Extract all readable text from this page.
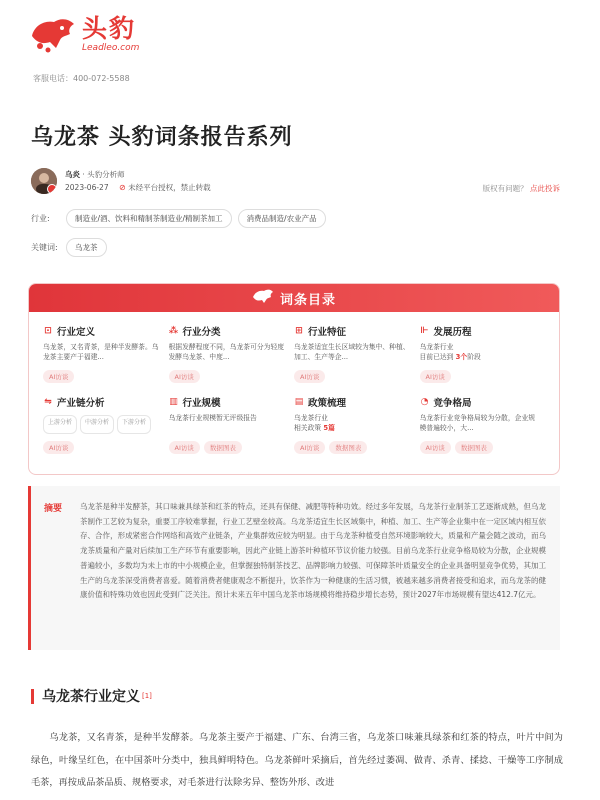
头豹
Leadleo.com
客服电话：400-072-5588
乌龙茶 头豹词条报告系列
乌炎 · 头豹分析师
2023-06-27 ⊘ 未经平台授权，禁止转载	版权有问题？ 点此投诉
行业:	制造业/酒、饮料和精制茶制造业/精制茶加工	消费品制造/农业产品
关键词:	乌龙茶
词条目录
⊡ 行业定义
乌龙茶，又名青茶，是种半发酵茶。乌龙茶主要产于福建...
AI访谈
⁂ 行业分类
根据发酵程度不同，乌龙茶可分为轻度发酵乌龙茶、中度...
AI访谈
⊞ 行业特征
乌龙茶适宜生长区域较为集中、种植、加工、生产等企...
AI访谈
⊩ 发展历程
乌龙茶行业
目前已达到 3个阶段
AI访谈
⇋ 产业链分析
上游分析	中游分析	下游分析
AI访谈
▥ 行业规模
乌龙茶行业规模暂无评级报告
AI访谈 数据图表
▤ 政策梳理
乌龙茶行业
相关政策 5篇
AI访谈 数据图表
◔ 竞争格局
乌龙茶行业竞争格局较为分散，企业规模普遍较小，大...
AI访谈 数据图表
摘要	乌龙茶是种半发酵茶，其口味兼具绿茶和红茶的特点，还具有保健、减肥等特种功效。经过多年发展，乌龙茶行业制茶工艺逐渐成熟，但乌龙茶制作工艺较为复杂，重要工序较难掌握，行业工艺壁垒较高。乌龙茶适宜生长区域集中，种植、加工、生产等企业集中在一定区域内相互依存、合作，形成紧密合作网络和高效产业链条，产业集群效应较为明显。由于乌龙茶种植受自然环境影响较大，质量和产量会随之波动，而乌龙茶质量和产量对后续加工生产环节有重要影响，因此产业链上游茶叶种植环节议价能力较强。目前乌龙茶行业竞争格局较为分散，企业规模普遍较小，多数均为未上市的中小规模企业，但掌握独特制茶技艺、品牌影响力较强、可保障茶叶质量安全的企业具备明显竞争优势，其加工生产的乌龙茶深受消费者喜爱。随着消费者健康观念不断提升，饮茶作为一种健康的生活习惯，被越来越多消费者接受和追求，而乌龙茶的健康价值和特殊功效也因此受到广泛关注。预计未来五年中国乌龙茶市场规模将维持稳步增长态势，预计2027年市场规模有望达412.7亿元。
乌龙茶行业定义 [1]
乌龙茶，又名青茶，是种半发酵茶。乌龙茶主要产于福建、广东、台湾三省，乌龙茶口味兼具绿茶和红茶的特点，叶片中间为绿色，叶缘呈红色，在中国茶叶分类中，独具鲜明特色。乌龙茶鲜叶采摘后，首先经过萎凋、做青、杀青、揉捻、干燥等工序制成毛茶，再按成品茶品质、规格要求，对毛茶进行汰除劣异、整饬外形、改进
